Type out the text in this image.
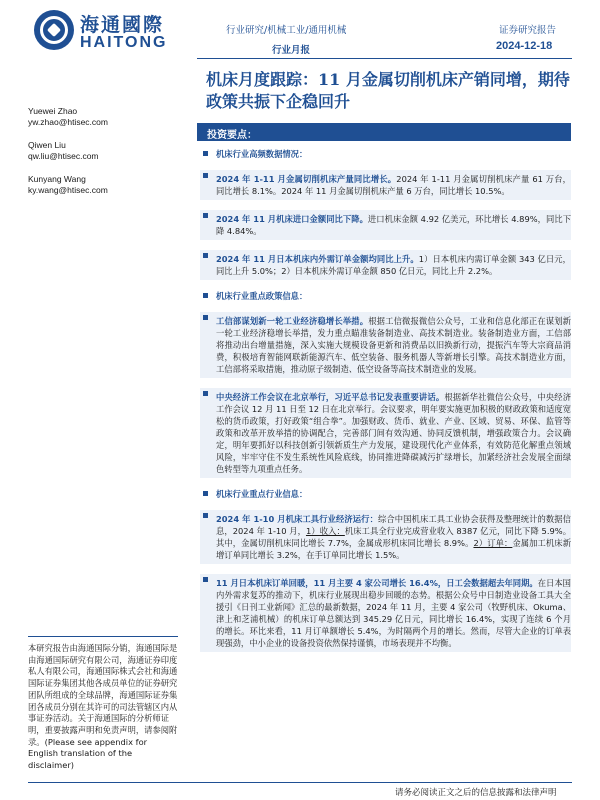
海通國際
HAITONG
行业研究/机械工业/通用机械
行业月报
证券研究报告
2024-12-18
Yuewei Zhao
yw.zhao@htisec.com
Qiwen Liu
qw.liu@htisec.com
Kunyang Wang
ky.wang@htisec.com
机床月度跟踪：11 月金属切削机床产销同增，期待政策共振下企稳回升
投资要点：
机床行业高频数据情况：
2024 年 1-11 月金属切削机床产量同比增长。2024 年 1-11 月金属切削机床产量 61 万台，同比增长 8.1%。2024 年 11 月金属切削机床产量 6 万台，同比增长 10.5%。
2024 年 11 月机床进口金额同比下降。进口机床金额 4.92 亿美元，环比增长 4.89%，同比下降 4.84%。
2024 年 11 月日本机床内外需订单金额均同比上升。1）日本机床内需订单金额 343 亿日元，同比上升 5.0%；2）日本机床外需订单金额 850 亿日元，同比上升 2.2%。
机床行业重点政策信息：
工信部谋划新一轮工业经济稳增长举措。根据工信微报微信公众号，工业和信息化部正在谋划新一轮工业经济稳增长举措，发力重点瞄准装备制造业、高技术制造业。装备制造业方面，工信部将推动出台增量措施，深入实施大规模设备更新和消费品以旧换新行动，提振汽车等大宗商品消费，积极培育智能网联新能源汽车、低空装备、服务机器人等新增长引擎。高技术制造业方面，工信部将采取措施，推动原子级制造、低空设备等高技术制造业的发展。
中央经济工作会议在北京举行，习近平总书记发表重要讲话。根据新华社微信公众号，中央经济工作会议 12 月 11 日至 12 日在北京举行。会议要求，明年要实施更加积极的财政政策和适度宽松的货币政策，打好政策“组合拳”。加强财政、货币、就业、产业、区域、贸易、环保、监管等政策和改革开放举措的协调配合，完善部门间有效沟通、协同反馈机制，增强政策合力。会议确定，明年要抓好以科技创新引领新质生产力发展，建设现代化产业体系，有效防范化解重点领域风险，牢牢守住不发生系统性风险底线，协同推进降碳减污扩绿增长，加紧经济社会发展全面绿色转型等九项重点任务。
机床行业重点行业信息：
2024 年 1-10 月机床工具行业经济运行：综合中国机床工具工业协会获得及整理统计的数据信息，2024 年 1-10 月，1）收入：机床工具全行业完成营业收入 8387 亿元，同比下降 5.9%。其中，金属切削机床同比增长 7.7%，金属成形机床同比增长 8.9%。2）订单：金属加工机床新增订单同比增长 3.2%，在手订单同比增长 1.5%。
11 月日本机床订单回暖，11 月主要 4 家公司增长 16.4%，日工会数据超去年同期。在日本国内外需求复苏的推动下，机床行业展现出稳步回暖的态势。根据公众号中日制造业设备工具大全援引《日刊工业新闻》汇总的最新数据，2024 年 11 月，主要 4 家公司（牧野机床、Okuma、津上和芝浦机械）的机床订单总额达到 345.29 亿日元，同比增长 16.4%，实现了连续 6 个月的增长。环比来看，11 月订单额增长 5.4%，为时隔两个月的增长。然而，尽管大企业的订单表现强劲，中小企业的设备投资依然保持谨慎，市场表现并不均衡。
本研究报告由海通国际分销，海通国际是由海通国际研究有限公司，海通证券印度私人有限公司，海通国际株式会社和海通国际证券集团其他各成员单位的证券研究团队所组成的全球品牌，海通国际证券集团各成员分别在其许可的司法管辖区内从事证券活动。关于海通国际的分析师证明，重要披露声明和免责声明，请参阅附录。(Please see appendix for English translation of the disclaimer)
请务必阅读正文之后的信息披露和法律声明
